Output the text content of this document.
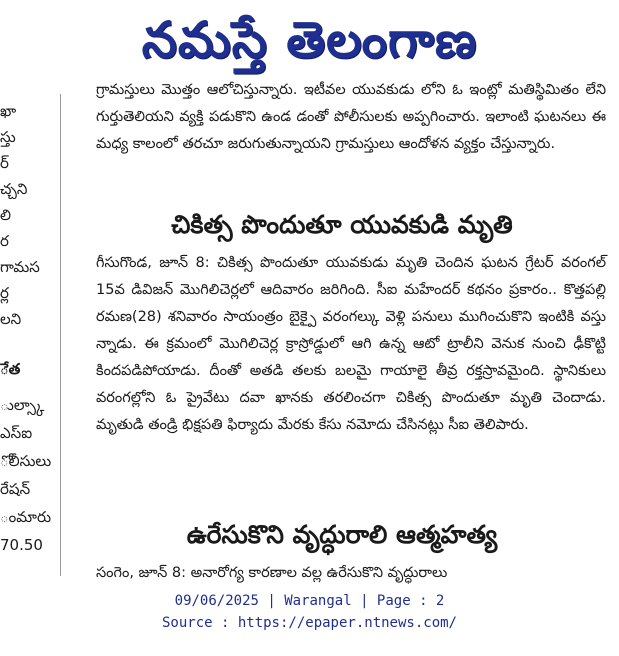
నమస్తే తెలంగాణ
ఖా
స్తు
ర్
చ్చని
లి
ర
గామస
ర్ల
లని
ేత
ుల్స్కా
ఎస్ఐ
ోలీసులు
రేషన్
ంమారు
70.50

గ్రామస్తులు మొత్తం ఆలోచిస్తున్నారు. ఇటీవల యువకుడు లోని ఓ ఇంట్లో మతిస్థిమితం లేని గుర్తుతెలియని వ్యక్తి పడుకొని ఉండ డంతో పోలీసులకు అప్పగించారు. ఇలాంటి ఘటనలు ఈ మధ్య కాలంలో తరచూ జరుగుతున్నాయని గ్రామస్తులు ఆందోళన వ్యక్తం చేస్తున్నారు.

చికిత్స పొందుతూ యువకుడి మృతి

గీసుగొండ, జూన్ 8: చికిత్స పొందుతూ యువకుడు మృతి చెందిన ఘటన గ్రేటర్ వరంగల్ 15వ డివిజన్ మొగిలిచెర్లలో ఆదివారం జరిగింది. సీఐ మహేందర్ కథనం ప్రకారం.. కొత్తపల్లి రమణ(28) శనివారం సాయంత్రం బైక్పై వరంగల్కు వెళ్లి పనులు ముగించుకొని ఇంటికి వస్తు న్నాడు. ఈ క్రమంలో మొగిలిచెర్ల క్రాస్రోడ్డులో ఆగి ఉన్న ఆటో ట్రాలీని వెనుక నుంచి ఢీకొట్టి కిందపడిపోయాడు. దీంతో అతడి తలకు బలమై గాయాలై తీవ్ర రక్తస్రావమైంది. స్థానికులు వరంగల్లోని ఓ ప్రైవేటు దవా ఖానకు తరలించగా చికిత్స పొందుతూ మృతి చెందాడు. మృతుడి తండ్రి భిక్షపతి ఫిర్యాదు మేరకు కేసు నమోదు చేసినట్లు సీఐ తెలిపారు.

ఉరేసుకొని వృద్ధురాలి ఆత్మహత్య

సంగెం, జూన్ 8: అనారోగ్య కారణాల వల్ల ఉరేసుకొని వృద్ధురాలు

09/06/2025 | Warangal | Page : 2
Source : https://epaper.ntnews.com/
